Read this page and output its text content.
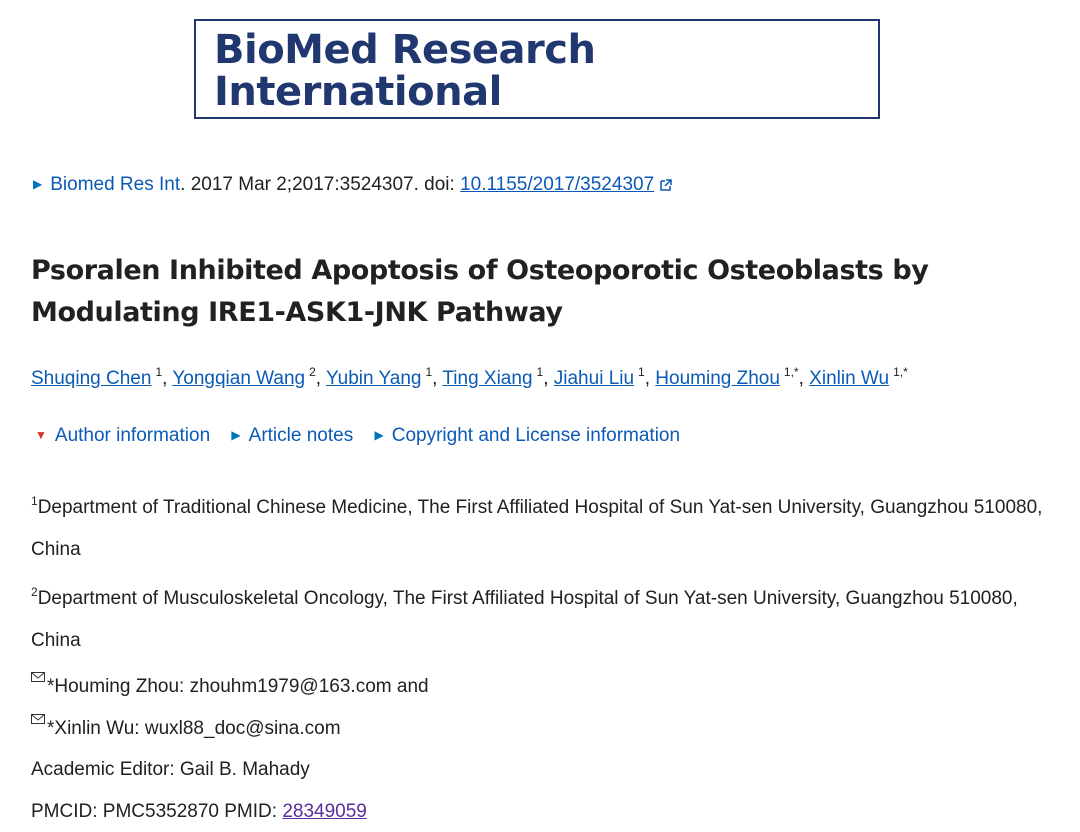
BioMed Research
International
▶ Biomed Res Int. 2017 Mar 2;2017:3524307. doi: 10.1155/2017/3524307
Psoralen Inhibited Apoptosis of Osteoporotic Osteoblasts by Modulating IRE1-ASK1-JNK Pathway
Shuqing Chen $^1$, Yongqian Wang $^2$, Yubin Yang $^1$, Ting Xiang $^1$, Jiahui Liu $^1$, Houming Zhou $^{1,*}$, Xinlin Wu $^{1,*}$
▼ Author information ▶ Article notes ▶ Copyright and License information
$^1$Department of Traditional Chinese Medicine, The First Affiliated Hospital of Sun Yat-sen University, Guangzhou 510080, China
$^2$Department of Musculoskeletal Oncology, The First Affiliated Hospital of Sun Yat-sen University, Guangzhou 510080, China
*Houming Zhou: zhouhm1979@163.com and
*Xinlin Wu: wuxl88_doc@sina.com
Academic Editor: Gail B. Mahady
PMCID: PMC5352870 PMID: 28349059
